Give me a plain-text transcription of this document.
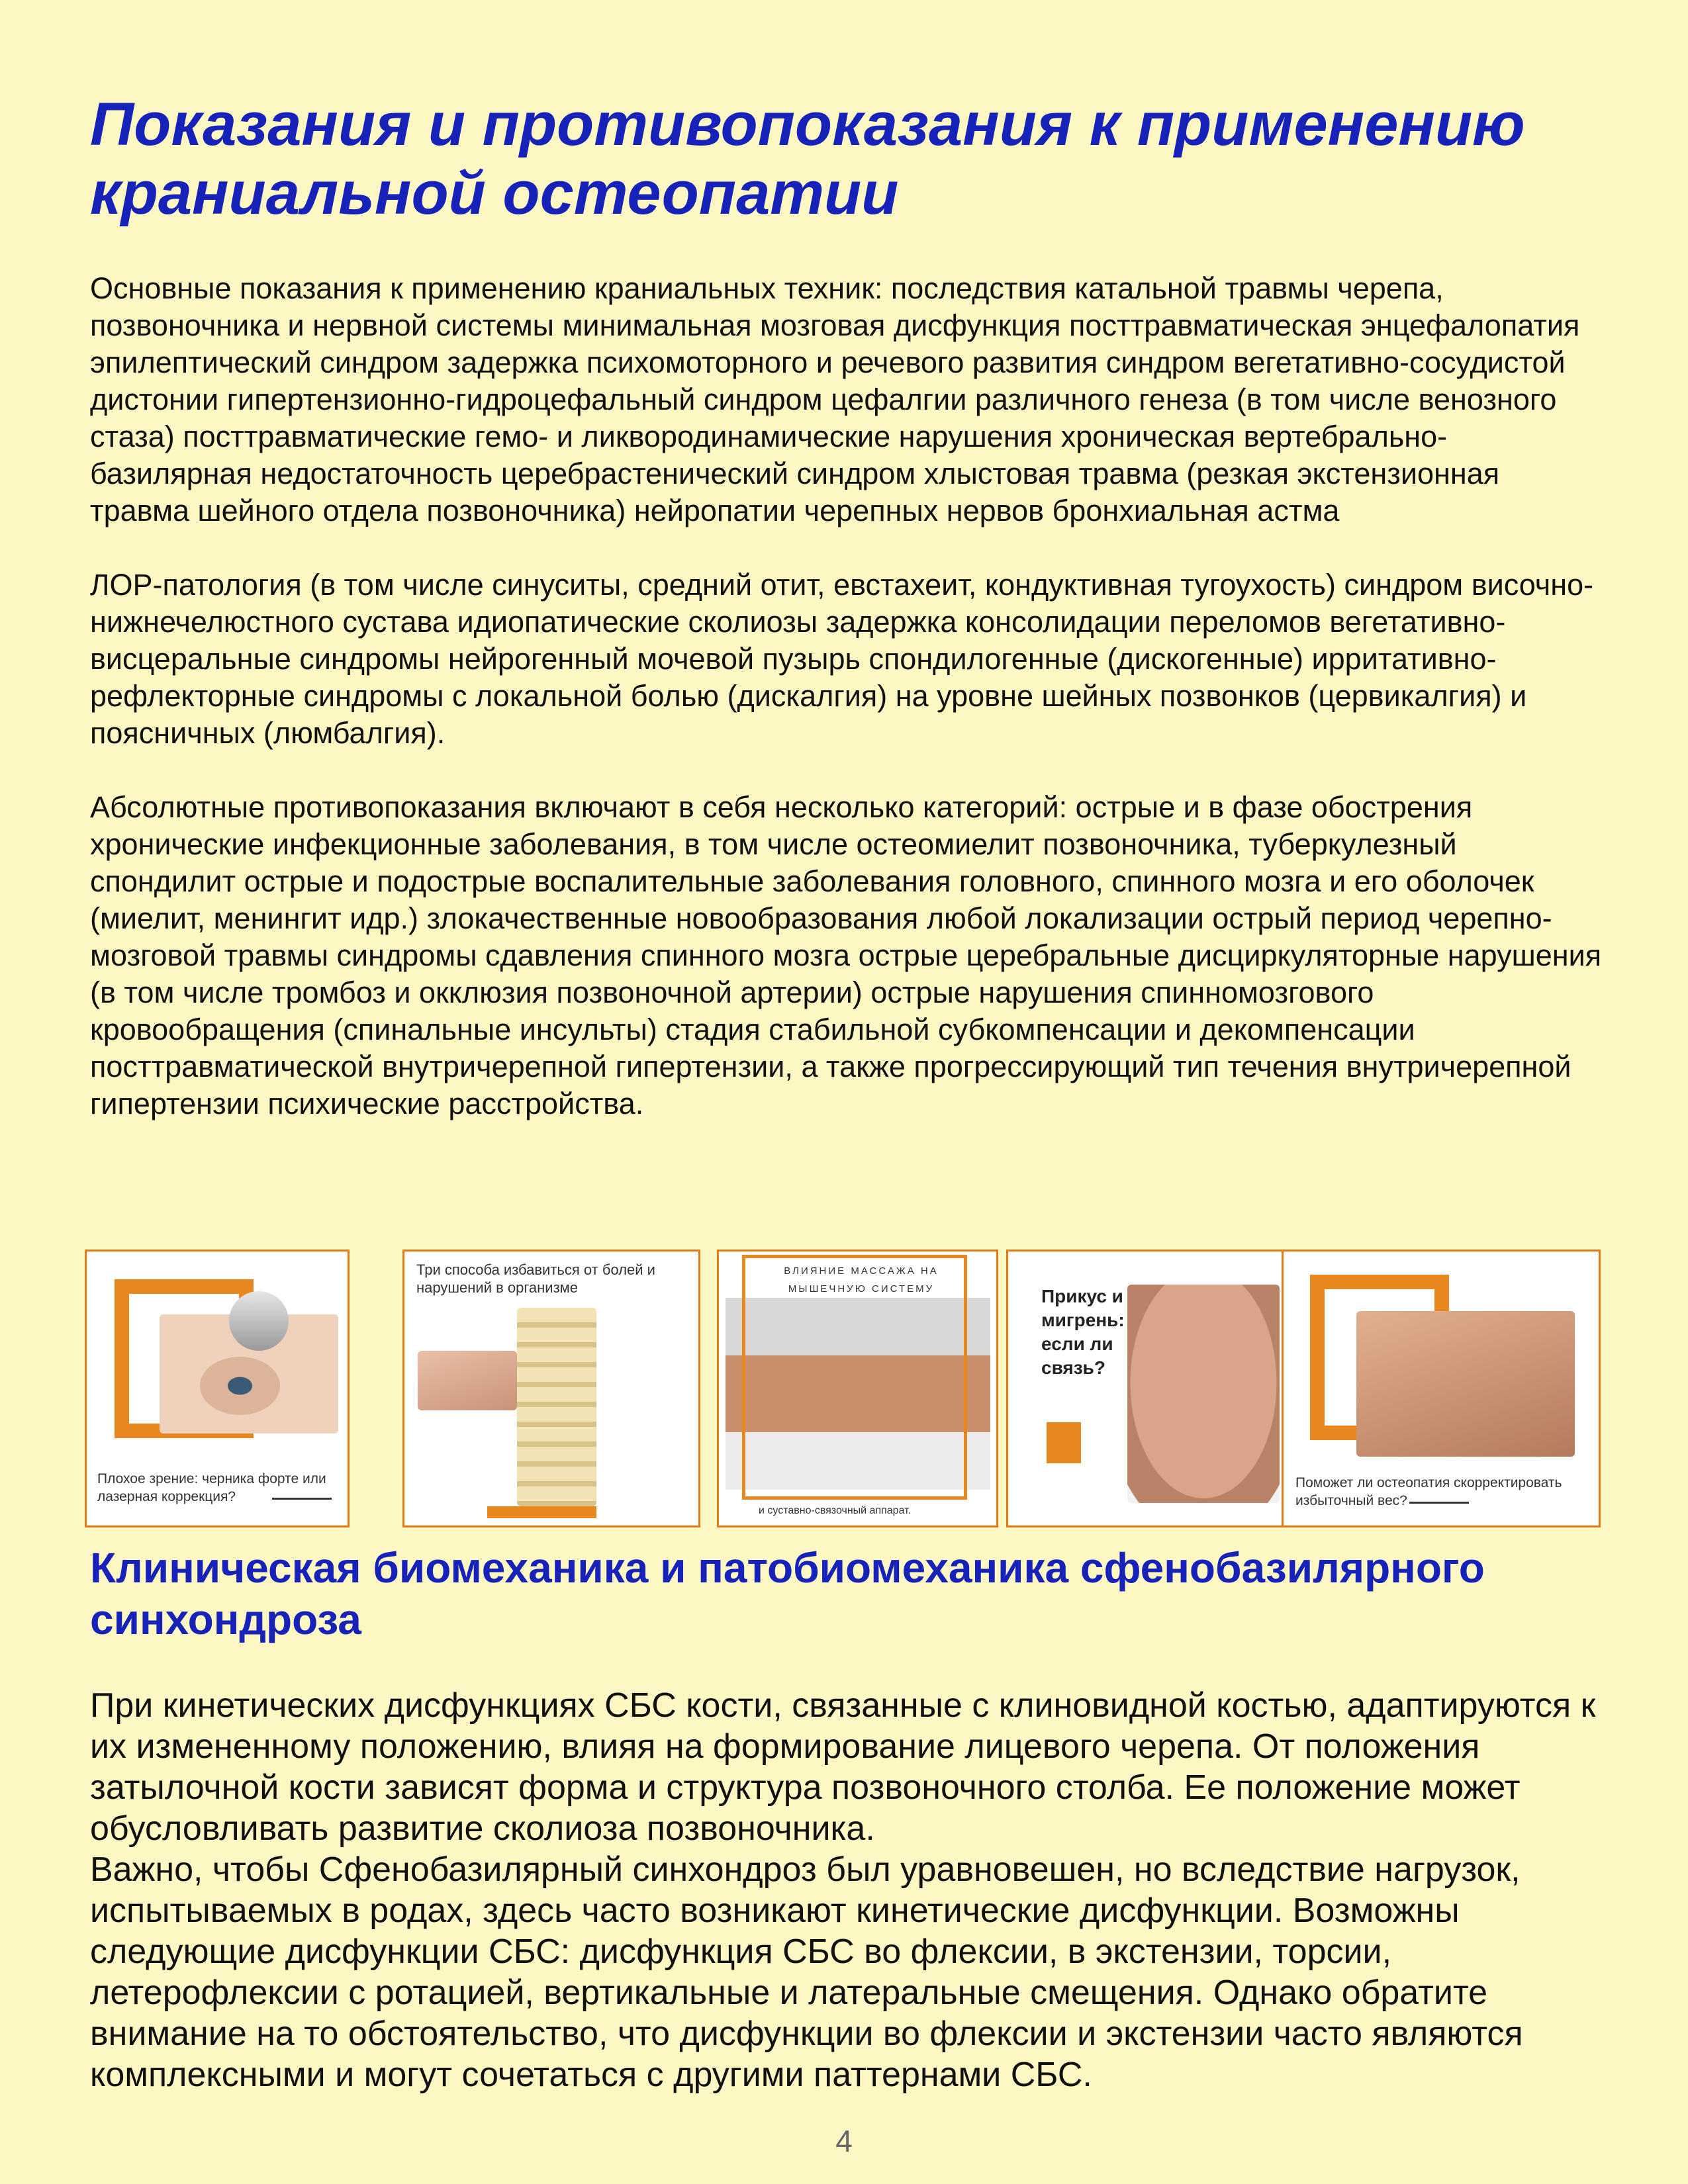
Показания и противопоказания к применению краниальной остеопатии

Основные показания к применению краниальных техник: последствия катальной травмы черепа, позвоночника и нервной системы минимальная мозговая дисфункция посттравматическая энцефалопатия эпилептический синдром задержка психомоторного и речевого развития синдром вегетативно-сосудистой дистонии гипертензионно-гидроцефальный синдром цефалгии различного генеза (в том числе венозного стаза) посттравматические гемо- и ликвородинамические нарушения хроническая вертебрально-базилярная недостаточность церебрастенический синдром хлыстовая травма (резкая экстензионная травма шейного отдела позвоночника) нейропатии черепных нервов бронхиальная астма

ЛОР-патология (в том числе синуситы, средний отит, евстахеит, кондуктивная тугоухость) синдром височно-нижнечелюстного сустава идиопатические сколиозы задержка консолидации переломов вегетативно-висцеральные синдромы нейрогенный мочевой пузырь спондилогенные (дискогенные) ирритативно-рефлекторные синдромы с локальной болью (дискалгия) на уровне шейных позвонков (цервикалгия) и поясничных (люмбалгия).

Абсолютные противопоказания включают в себя несколько категорий: острые и в фазе обострения хронические инфекционные заболевания, в том числе остеомиелит позвоночника, туберкулезный спондилит острые и подострые воспалительные заболевания головного, спинного мозга и его оболочек (миелит, менингит идр.) злокачественные новообразования любой локализации острый период черепно-мозговой травмы синдромы сдавления спинного мозга острые церебральные дисциркуляторные нарушения (в том числе тромбоз и окклюзия позвоночной артерии) острые нарушения спинномозгового кровообращения (спинальные инсульты) стадия стабильной субкомпенсации и декомпенсации посттравматической внутричерепной гипертензии, а также прогрессирующий тип течения внутричерепной гипертензии психические расстройства.

Плохое зрение: черника форте или лазерная коррекция?
Три способа избавиться от болей и нарушений в организме
ВЛИЯНИЕ МАССАЖА НА МЫШЕЧНУЮ СИСТЕМУ
и суставно-связочный аппарат.
Прикус и мигрень: если ли связь?
Поможет ли остеопатия скорректировать избыточный вес?
Клиническая биомеханика и патобиомеханика сфенобазилярного синхондроза

При кинетических дисфункциях СБС кости, связанные с клиновидной костью, адаптируются к их измененному положению, влияя на формирование лицевого черепа. От положения затылочной кости зависят форма и структура позвоночного столба. Ее положение может обусловливать развитие сколиоза позвоночника.

Важно, чтобы Сфенобазилярный синхондроз был уравновешен, но вследствие нагрузок, испытываемых в родах, здесь часто возникают кинетические дисфункции. Возможны следующие дисфункции СБС: дисфункция СБС во флексии, в экстензии, торсии, летерофлексии с ротацией, вертикальные и латеральные смещения. Однако обратите внимание на то обстоятельство, что дисфункции во флексии и экстензии часто являются комплексными и могут сочетаться с другими паттернами СБС.

4
